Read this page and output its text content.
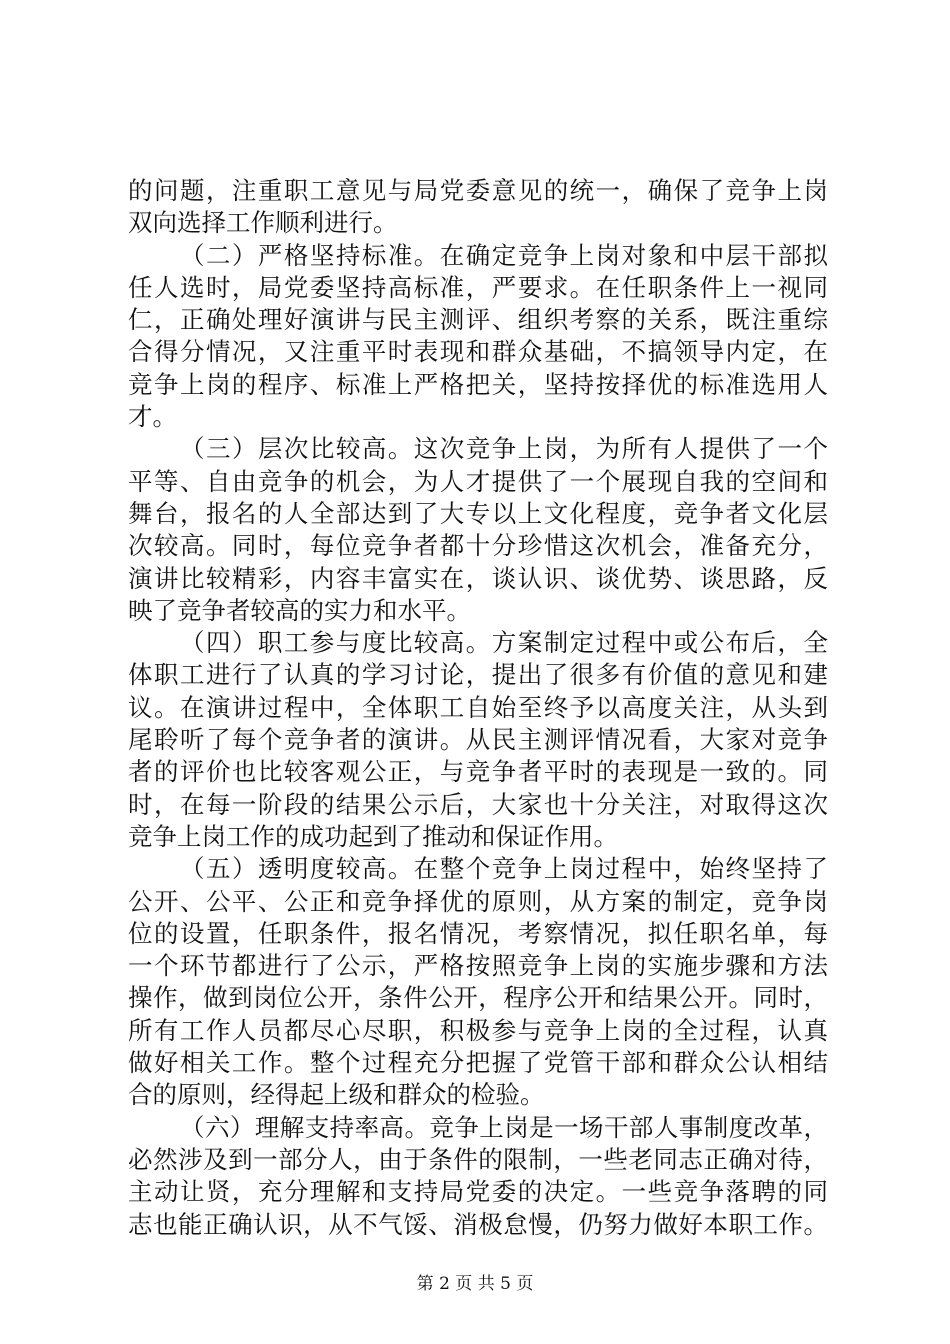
的问题，注重职工意见与局党委意见的统一，确保了竞争上岗
双向选择工作顺利进行。
（二）严格坚持标准。在确定竞争上岗对象和中层干部拟
任人选时，局党委坚持高标准，严要求。在任职条件上一视同
仁，正确处理好演讲与民主测评、组织考察的关系，既注重综
合得分情况，又注重平时表现和群众基础，不搞领导内定，在
竞争上岗的程序、标准上严格把关，坚持按择优的标准选用人
才。
（三）层次比较高。这次竞争上岗，为所有人提供了一个
平等、自由竞争的机会，为人才提供了一个展现自我的空间和
舞台，报名的人全部达到了大专以上文化程度，竞争者文化层
次较高。同时，每位竞争者都十分珍惜这次机会，准备充分，
演讲比较精彩，内容丰富实在，谈认识、谈优势、谈思路，反
映了竞争者较高的实力和水平。
（四）职工参与度比较高。方案制定过程中或公布后，全
体职工进行了认真的学习讨论，提出了很多有价值的意见和建
议。在演讲过程中，全体职工自始至终予以高度关注，从头到
尾聆听了每个竞争者的演讲。从民主测评情况看，大家对竞争
者的评价也比较客观公正，与竞争者平时的表现是一致的。同
时，在每一阶段的结果公示后，大家也十分关注，对取得这次
竞争上岗工作的成功起到了推动和保证作用。
（五）透明度较高。在整个竞争上岗过程中，始终坚持了
公开、公平、公正和竞争择优的原则，从方案的制定，竞争岗
位的设置，任职条件，报名情况，考察情况，拟任职名单，每
一个环节都进行了公示，严格按照竞争上岗的实施步骤和方法
操作，做到岗位公开，条件公开，程序公开和结果公开。同时，
所有工作人员都尽心尽职，积极参与竞争上岗的全过程，认真
做好相关工作。整个过程充分把握了党管干部和群众公认相结
合的原则，经得起上级和群众的检验。
（六）理解支持率高。竞争上岗是一场干部人事制度改革，
必然涉及到一部分人，由于条件的限制，一些老同志正确对待，
主动让贤，充分理解和支持局党委的决定。一些竞争落聘的同
志也能正确认识，从不气馁、消极怠慢，仍努力做好本职工作。
第 2 页 共 5 页
